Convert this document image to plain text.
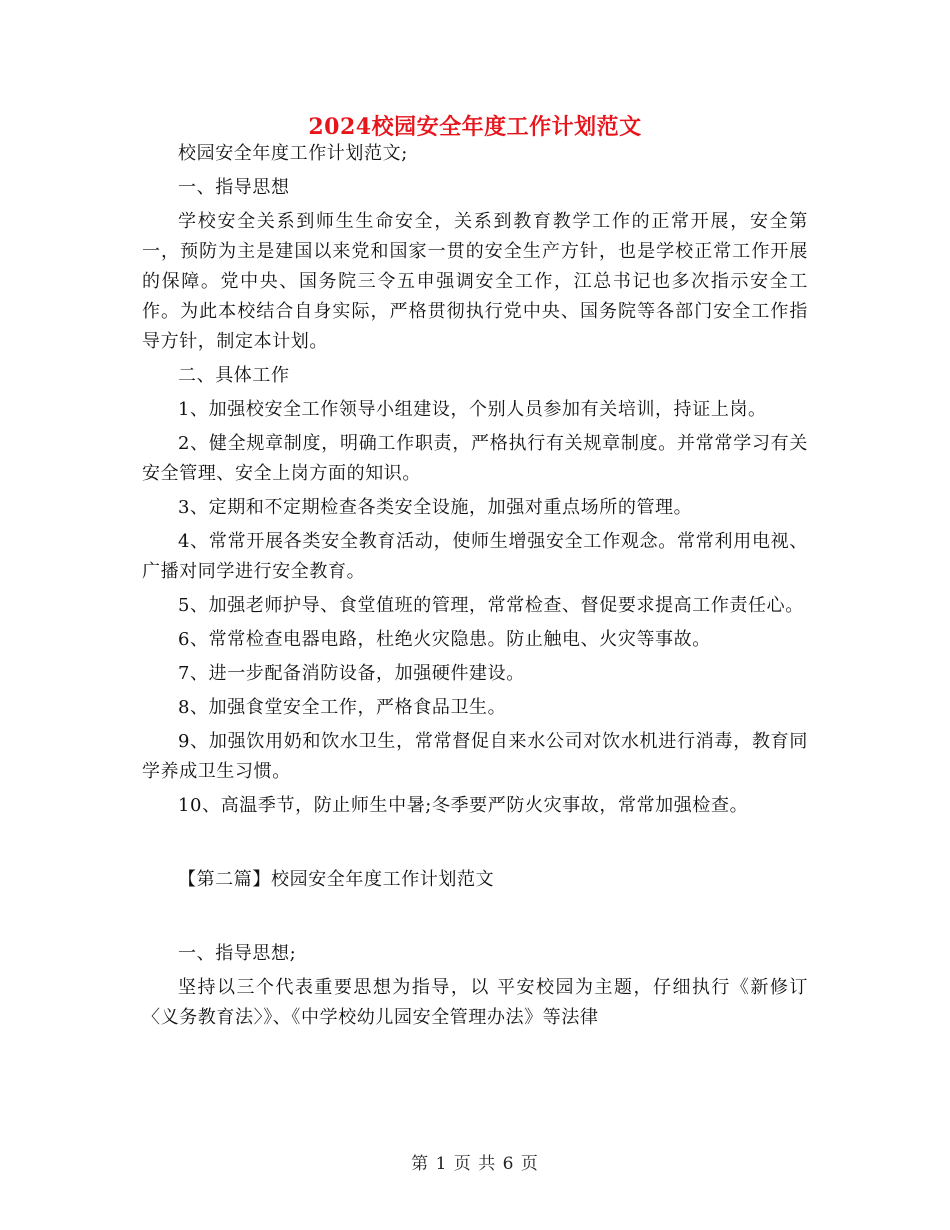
2024校园安全年度工作计划范文

校园安全年度工作计划范文;

一、指导思想

学校安全关系到师生生命安全，关系到教育教学工作的正常开展，安全第一，预防为主是建国以来党和国家一贯的安全生产方针，也是学校正常工作开展的保障。党中央、国务院三令五申强调安全工作，江总书记也多次指示安全工作。为此本校结合自身实际，严格贯彻执行党中央、国务院等各部门安全工作指导方针，制定本计划。

二、具体工作

1、加强校安全工作领导小组建设，个别人员参加有关培训，持证上岗。

2、健全规章制度，明确工作职责，严格执行有关规章制度。并常常学习有关安全管理、安全上岗方面的知识。

3、定期和不定期检查各类安全设施，加强对重点场所的管理。

4、常常开展各类安全教育活动，使师生增强安全工作观念。常常利用电视、广播对同学进行安全教育。

5、加强老师护导、食堂值班的管理，常常检查、督促要求提高工作责任心。

6、常常检查电器电路，杜绝火灾隐患。防止触电、火灾等事故。

7、进一步配备消防设备，加强硬件建设。

8、加强食堂安全工作，严格食品卫生。

9、加强饮用奶和饮水卫生，常常督促自来水公司对饮水机进行消毒，教育同学养成卫生习惯。

10、高温季节，防止师生中暑;冬季要严防火灾事故，常常加强检查。

【第二篇】校园安全年度工作计划范文

一、指导思想;

坚持以三个代表重要思想为指导，以 平安校园为主题，仔细执行《新修订〈义务教育法〉》、《中学校幼儿园安全管理办法》等法律

第 1 页 共 6 页
